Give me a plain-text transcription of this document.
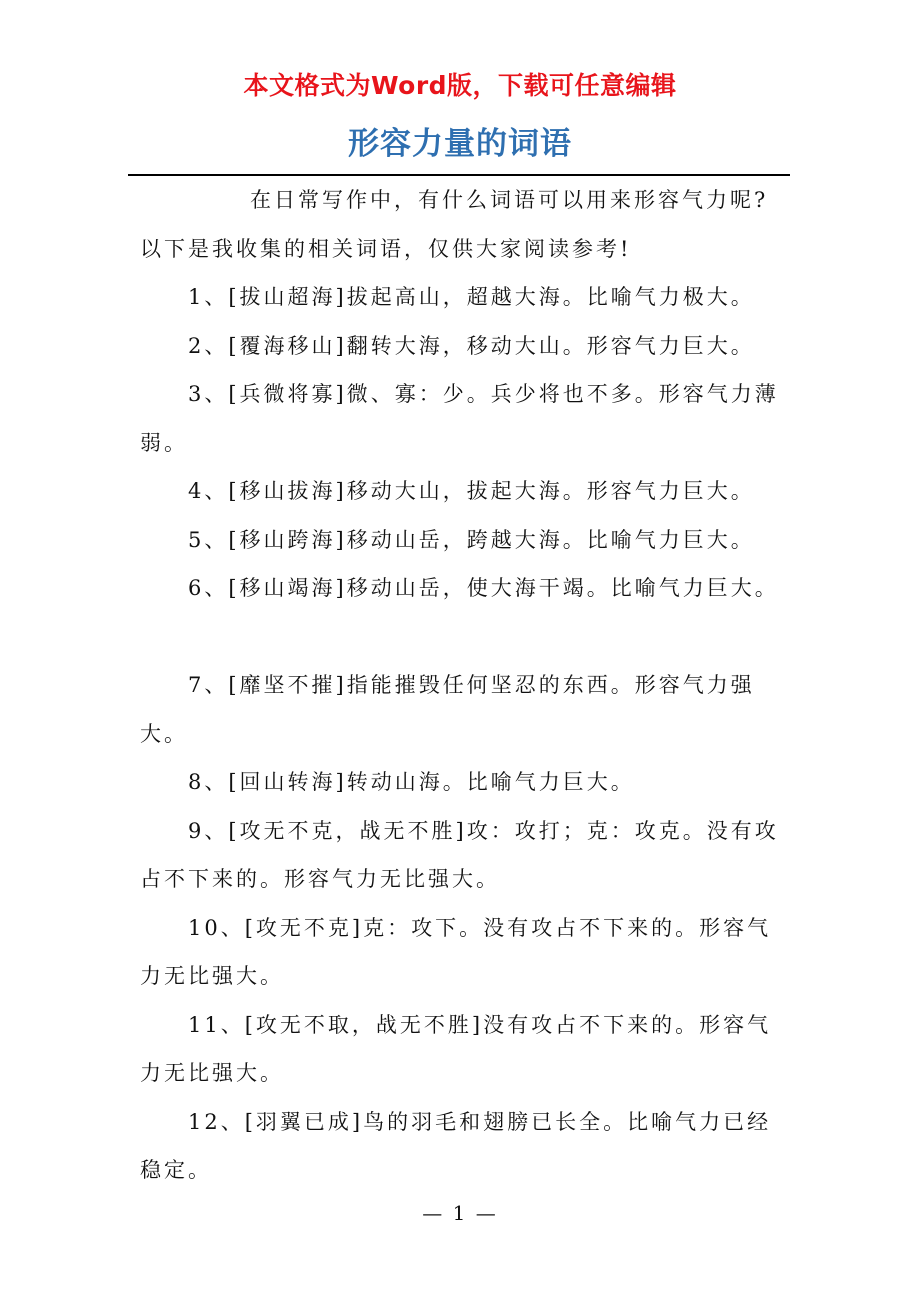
本文格式为Word版，下载可任意编辑
形容力量的词语

在日常写作中，有什么词语可以用来形容气力呢?以下是我收集的相关词语，仅供大家阅读参考!

1、[拔山超海]拔起高山，超越大海。比喻气力极大。

2、[覆海移山]翻转大海，移动大山。形容气力巨大。

3、[兵微将寡]微、寡：少。兵少将也不多。形容气力薄弱。

4、[移山拔海]移动大山，拔起大海。形容气力巨大。

5、[移山跨海]移动山岳，跨越大海。比喻气力巨大。

6、[移山竭海]移动山岳，使大海干竭。比喻气力巨大。

7、[靡坚不摧]指能摧毁任何坚忍的东西。形容气力强大。

8、[回山转海]转动山海。比喻气力巨大。

9、[攻无不克，战无不胜]攻：攻打；克：攻克。没有攻占不下来的。形容气力无比强大。

10、[攻无不克]克：攻下。没有攻占不下来的。形容气力无比强大。

11、[攻无不取，战无不胜]没有攻占不下来的。形容气力无比强大。

12、[羽翼已成]鸟的羽毛和翅膀已长全。比喻气力已经稳定。

— 1 —
